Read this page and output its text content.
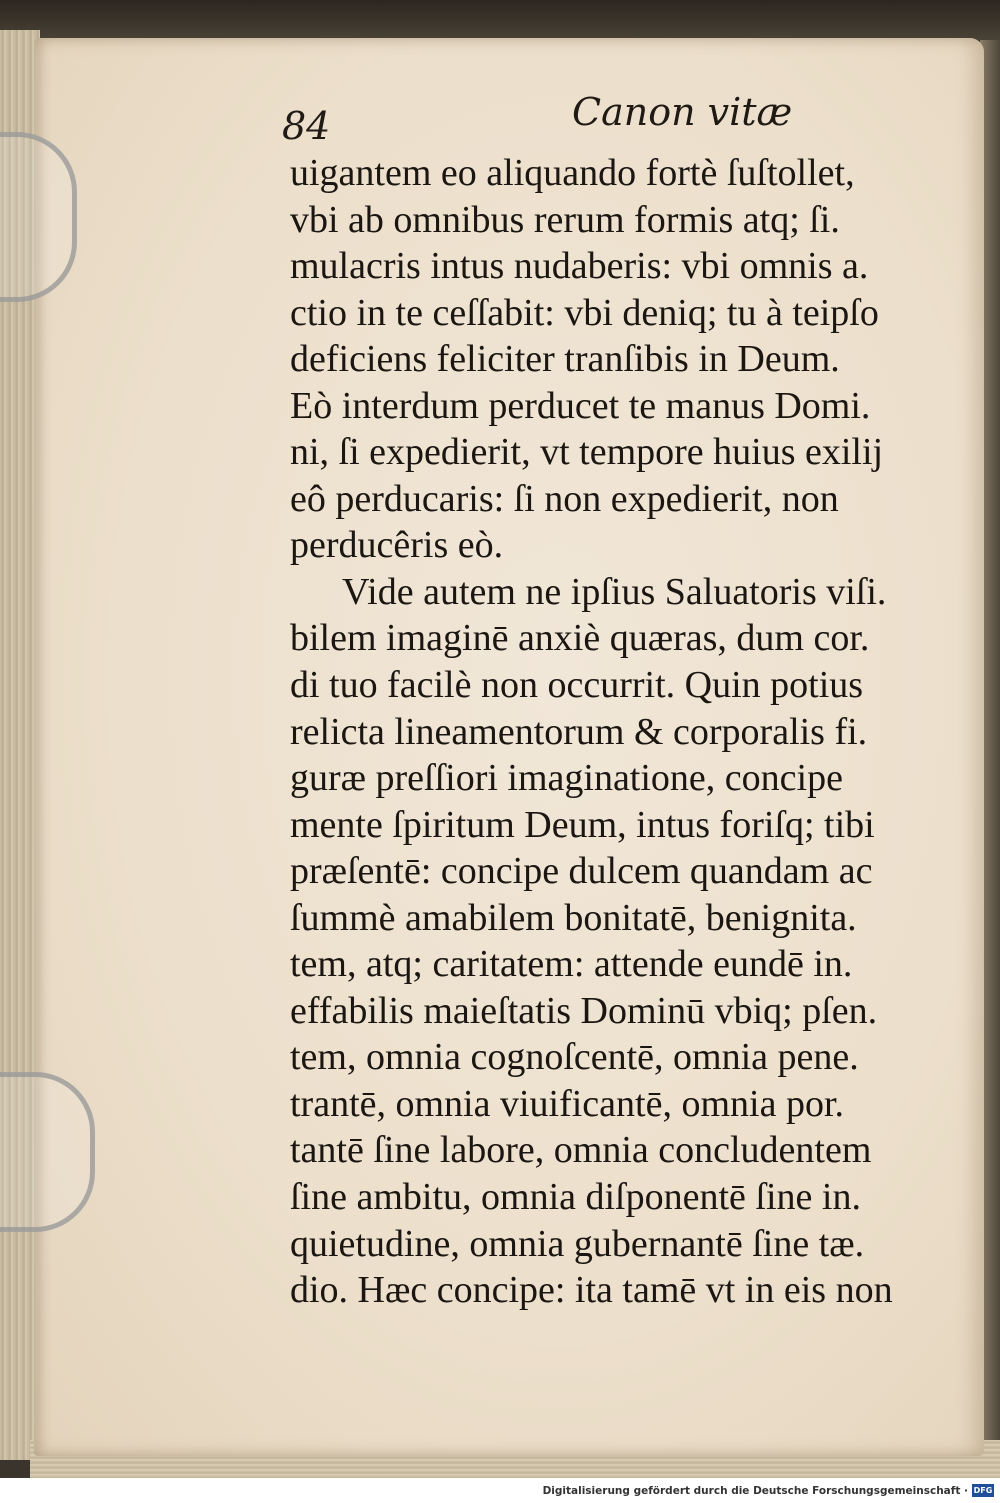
84	Canon vitæ
uigantem eo aliquando fortè ſuſtollet,
vbi ab omnibus rerum formis atq; ſi.
mulacris intus nudaberis: vbi omnis a.
ctio in te ceſſabit: vbi deniq; tu à teipſo
deficiens feliciter tranſibis in Deum.
Eò interdum perducet te manus Domi.
ni, ſi expedierit, vt tempore huius exilij
eô perducaris: ſi non expedierit, non
perducêris eò.
Vide autem ne ipſius Saluatoris viſi.
bilem imaginē anxiè quæras, dum cor.
di tuo facilè non occurrit. Quin potius
relicta lineamentorum & corporalis fi.
guræ preſſiori imaginatione, concipe
mente ſpiritum Deum, intus foriſq; tibi
præſentē: concipe dulcem quandam ac
ſummè amabilem bonitatē, benignita.
tem, atq; caritatem: attende eundē in.
effabilis maieſtatis Dominū vbiq; pſen.
tem, omnia cognoſcentē, omnia pene.
trantē, omnia viuificantē, omnia por.
tantē ſine labore, omnia concludentem
ſine ambitu, omnia diſponentē ſine in.
quietudine, omnia gubernantē ſine tæ.
dio. Hæc concipe: ita tamē vt in eis non
Digitalisierung gefördert durch die Deutsche Forschungsgemeinschaft · DFG
